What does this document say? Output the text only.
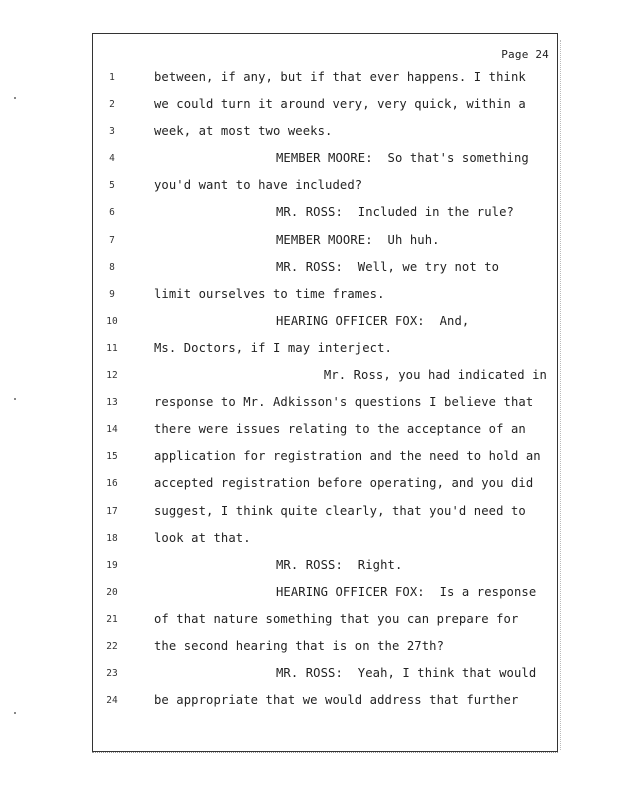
Page 24
1	between, if any, but if that ever happens. I think
2	we could turn it around very, very quick, within a
3	week, at most two weeks.
4	MEMBER MOORE:  So that's something
5	you'd want to have included?
6	MR. ROSS:  Included in the rule?
7	MEMBER MOORE:  Uh huh.
8	MR. ROSS:  Well, we try not to
9	limit ourselves to time frames.
10	HEARING OFFICER FOX:  And,
11	Ms. Doctors, if I may interject.
12	Mr. Ross, you had indicated in
13	response to Mr. Adkisson's questions I believe that
14	there were issues relating to the acceptance of an
15	application for registration and the need to hold an
16	accepted registration before operating, and you did
17	suggest, I think quite clearly, that you'd need to
18	look at that.
19	MR. ROSS:  Right.
20	HEARING OFFICER FOX:  Is a response
21	of that nature something that you can prepare for
22	the second hearing that is on the 27th?
23	MR. ROSS:  Yeah, I think that would
24	be appropriate that we would address that further
